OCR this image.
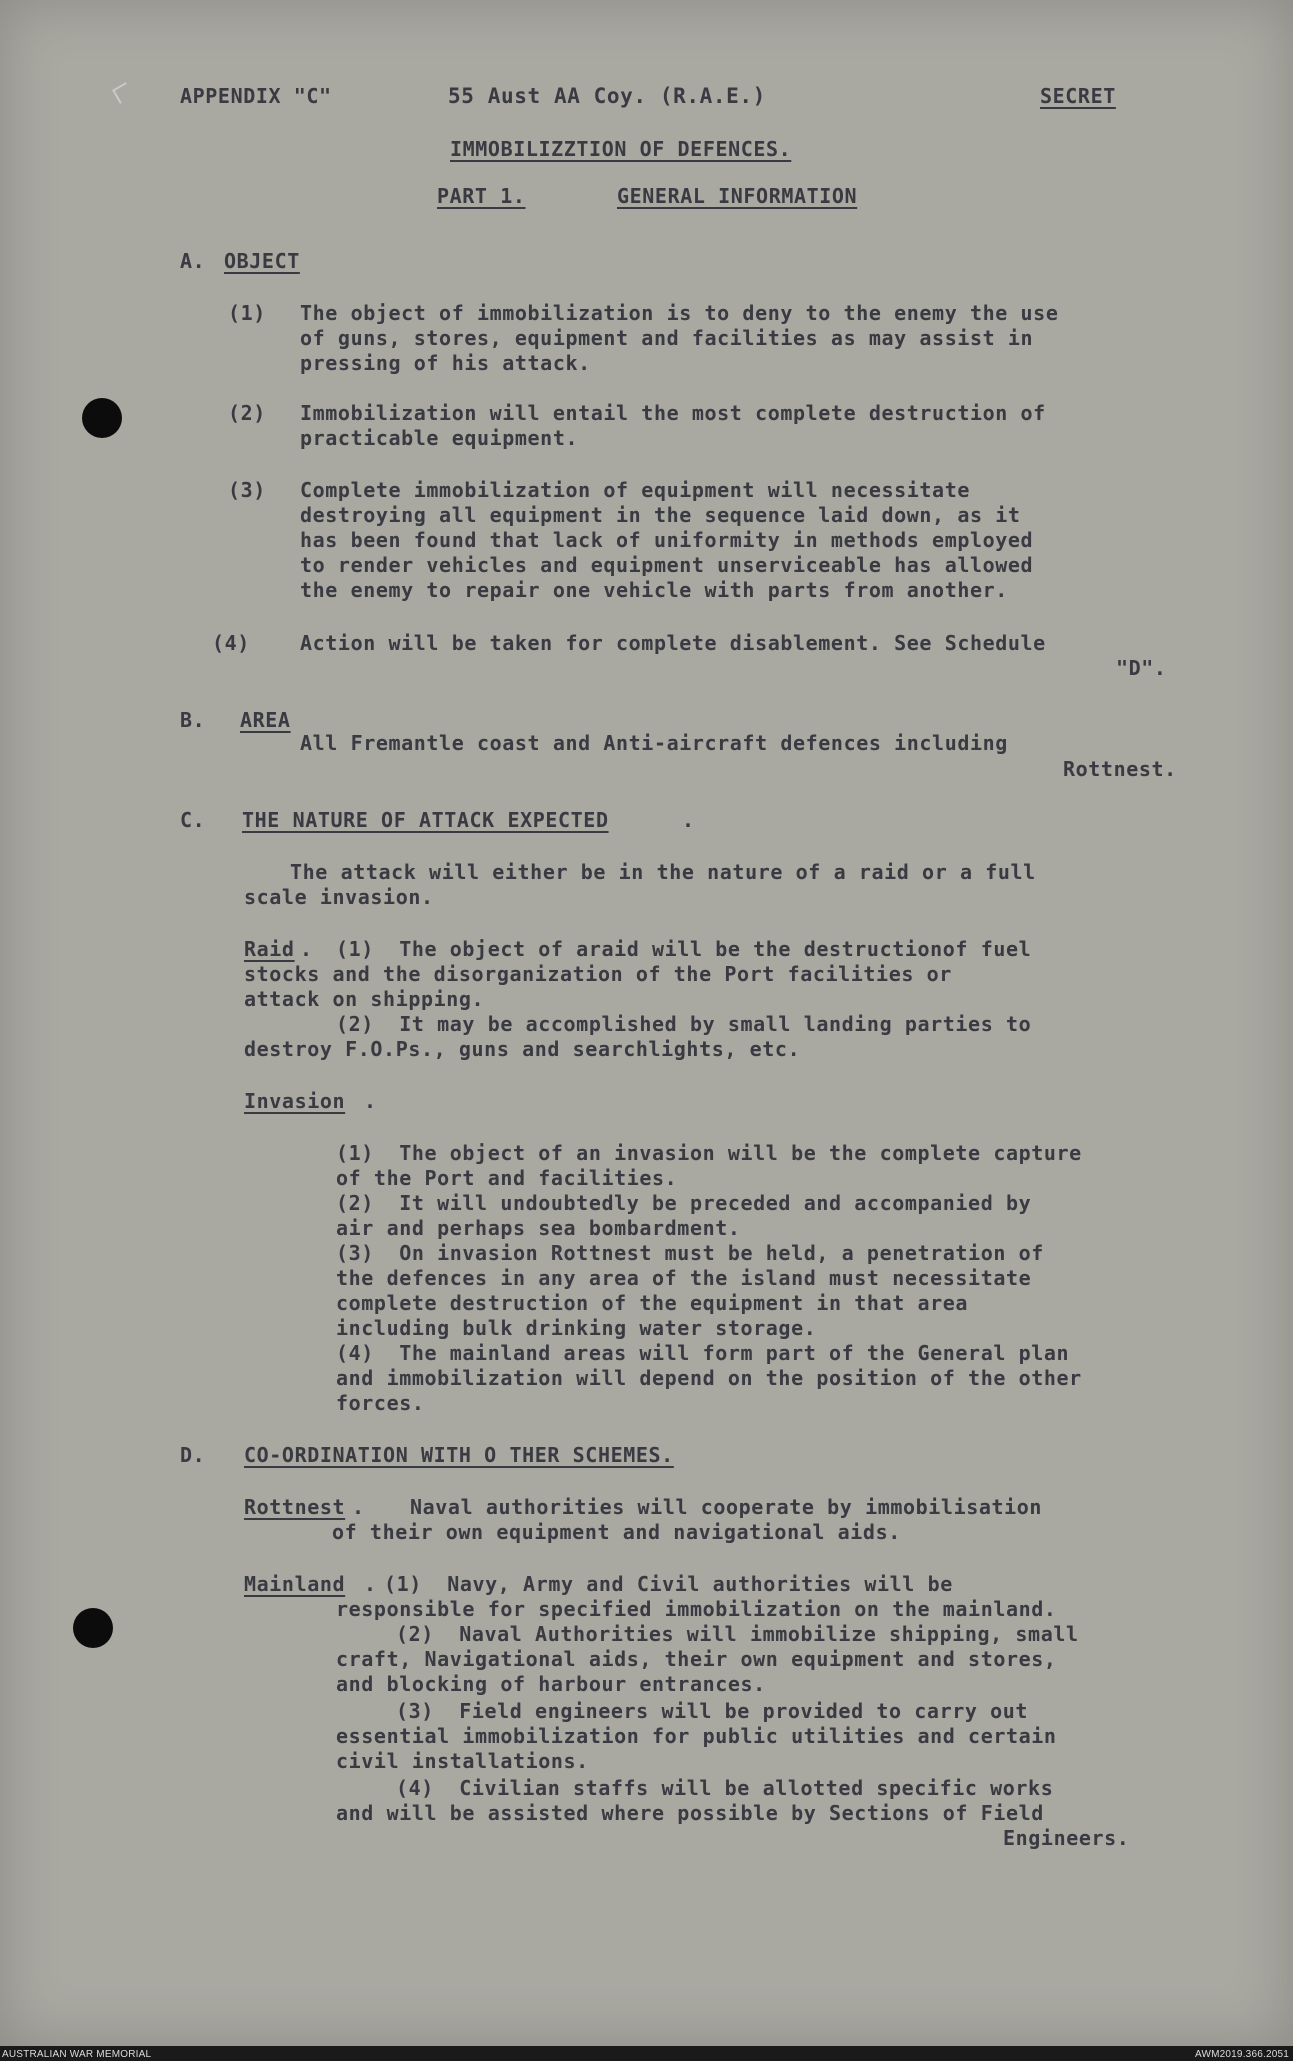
APPENDIX "C"	55 Aust AA Coy. (R.A.E.)	SECRET
IMMOBILIZZTION OF DEFENCES.
PART 1.	GENERAL INFORMATION
A. OBJECT
(1) The object of immobilization is to deny to the enemy the use
of guns, stores, equipment and facilities as may assist in
pressing of his attack.
(2) Immobilization will entail the most complete destruction of
practicable equipment.
(3) Complete immobilization of equipment will necessitate
destroying all equipment in the sequence laid down, as it
has been found that lack of uniformity in methods employed
to render vehicles and equipment unserviceable has allowed
the enemy to repair one vehicle with parts from another.
(4)	Action will be taken for complete disablement. See Schedule
"D".
B. AREA
All Fremantle coast and Anti-aircraft defences including
Rottnest.
C. THE NATURE OF ATTACK EXPECTED	.
The attack will either be in the nature of a raid or a full
scale invasion.
Raid . (1)  The object of araid will be the destructionof fuel
stocks and the disorganization of the Port facilities or
attack on shipping.
(2)  It may be accomplished by small landing parties to
destroy F.O.Ps., guns and searchlights, etc.
Invasion .
(1)  The object of an invasion will be the complete capture
of the Port and facilities.
(2)  It will undoubtedly be preceded and accompanied by
air and perhaps sea bombardment.
(3)  On invasion Rottnest must be held, a penetration of
the defences in any area of the island must necessitate
complete destruction of the equipment in that area
including bulk drinking water storage.
(4)  The mainland areas will form part of the General plan
and immobilization will depend on the position of the other
forces.
D. CO-ORDINATION WITH O THER SCHEMES.
Rottnest . Naval authorities will cooperate by immobilisation
of their own equipment and navigational aids.
Mainland . (1)  Navy, Army and Civil authorities will be
responsible for specified immobilization on the mainland.
(2)  Naval Authorities will immobilize shipping, small
craft, Navigational aids, their own equipment and stores,
and blocking of harbour entrances.
(3)  Field engineers will be provided to carry out
essential immobilization for public utilities and certain
civil installations.
(4)  Civilian staffs will be allotted specific works
and will be assisted where possible by Sections of Field
Engineers.
AUSTRALIAN WAR MEMORIAL	AWM2019.366.2051
